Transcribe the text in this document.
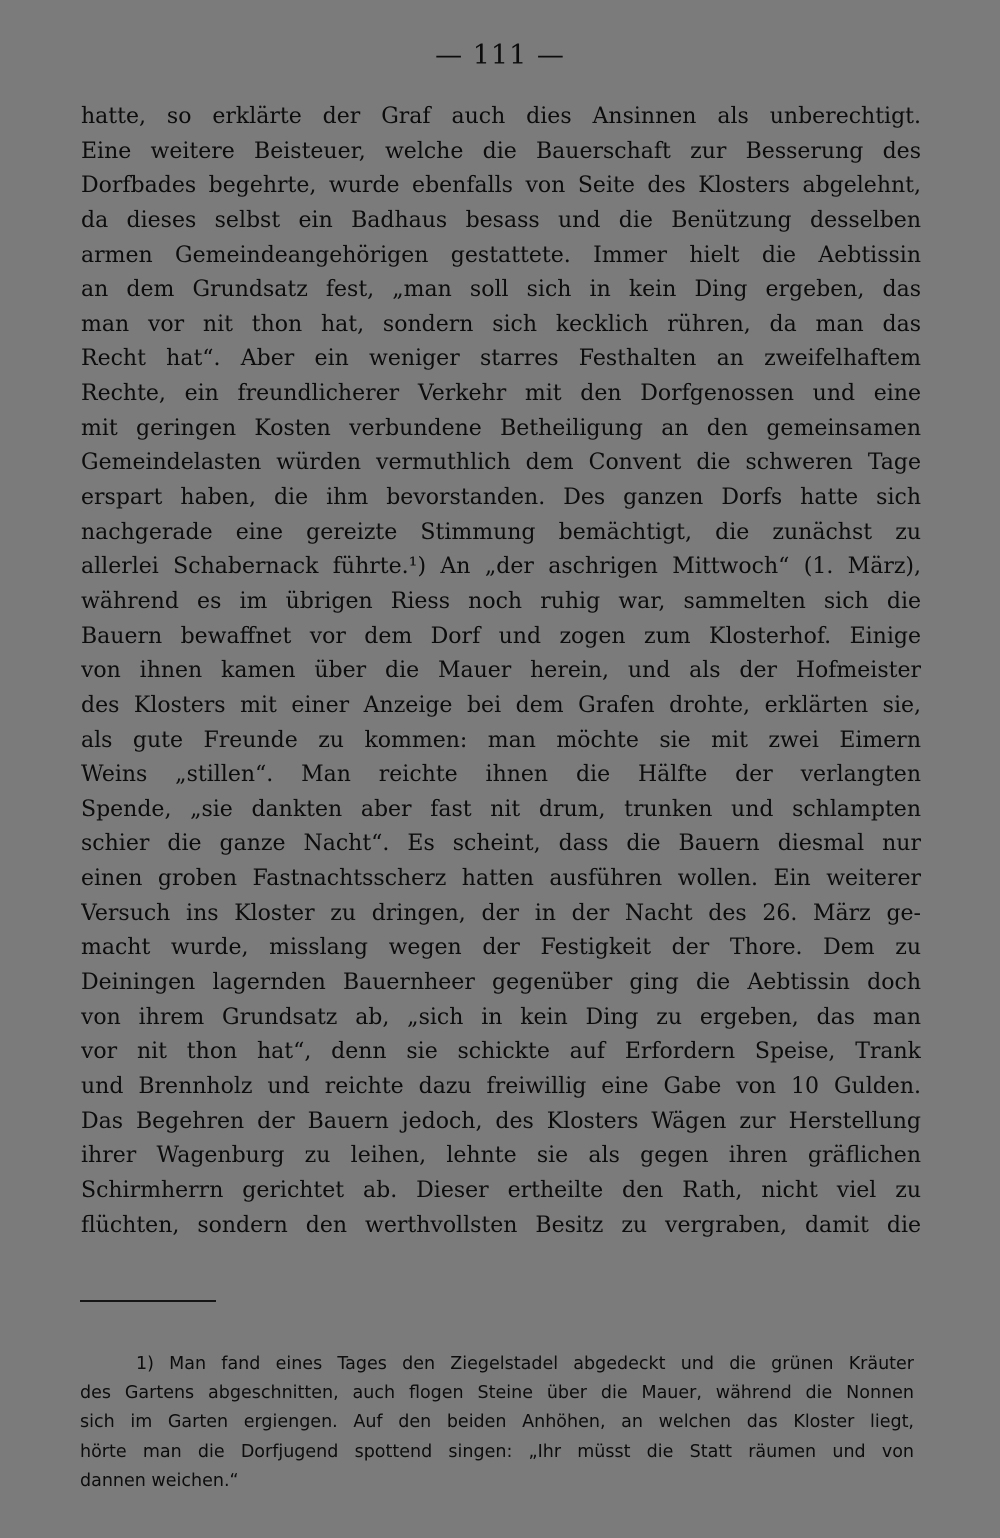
— 111 —
hatte, so erklärte der Graf auch dies Ansinnen als unberechtigt.
Eine weitere Beisteuer, welche die Bauerschaft zur Besserung des
Dorfbades begehrte, wurde ebenfalls von Seite des Klosters abgelehnt,
da dieses selbst ein Badhaus besass und die Benützung desselben
armen Gemeindeangehörigen gestattete. Immer hielt die Aebtissin
an dem Grundsatz fest, „man soll sich in kein Ding ergeben, das
man vor nit thon hat, sondern sich kecklich rühren, da man das
Recht hat“. Aber ein weniger starres Festhalten an zweifelhaftem
Rechte, ein freundlicherer Verkehr mit den Dorfgenossen und eine
mit geringen Kosten verbundene Betheiligung an den gemeinsamen
Gemeindelasten würden vermuthlich dem Convent die schweren Tage
erspart haben, die ihm bevorstanden. Des ganzen Dorfs hatte sich
nachgerade eine gereizte Stimmung bemächtigt, die zunächst zu
allerlei Schabernack führte.¹) An „der aschrigen Mittwoch“ (1. März),
während es im übrigen Riess noch ruhig war, sammelten sich die
Bauern bewaffnet vor dem Dorf und zogen zum Klosterhof. Einige
von ihnen kamen über die Mauer herein, und als der Hofmeister
des Klosters mit einer Anzeige bei dem Grafen drohte, erklärten sie,
als gute Freunde zu kommen: man möchte sie mit zwei Eimern
Weins „stillen“. Man reichte ihnen die Hälfte der verlangten
Spende, „sie dankten aber fast nit drum, trunken und schlampten
schier die ganze Nacht“. Es scheint, dass die Bauern diesmal nur
einen groben Fastnachtsscherz hatten ausführen wollen. Ein weiterer
Versuch ins Kloster zu dringen, der in der Nacht des 26. März ge-
macht wurde, misslang wegen der Festigkeit der Thore. Dem zu
Deiningen lagernden Bauernheer gegenüber ging die Aebtissin doch
von ihrem Grundsatz ab, „sich in kein Ding zu ergeben, das man
vor nit thon hat“, denn sie schickte auf Erfordern Speise, Trank
und Brennholz und reichte dazu freiwillig eine Gabe von 10 Gulden.
Das Begehren der Bauern jedoch, des Klosters Wägen zur Herstellung
ihrer Wagenburg zu leihen, lehnte sie als gegen ihren gräflichen
Schirmherrn gerichtet ab. Dieser ertheilte den Rath, nicht viel zu
flüchten, sondern den werthvollsten Besitz zu vergraben, damit die
1) Man fand eines Tages den Ziegelstadel abgedeckt und die grünen Kräuter
des Gartens abgeschnitten, auch flogen Steine über die Mauer, während die Nonnen
sich im Garten ergiengen. Auf den beiden Anhöhen, an welchen das Kloster liegt,
hörte man die Dorfjugend spottend singen: „Ihr müsst die Statt räumen und von
dannen weichen.“
